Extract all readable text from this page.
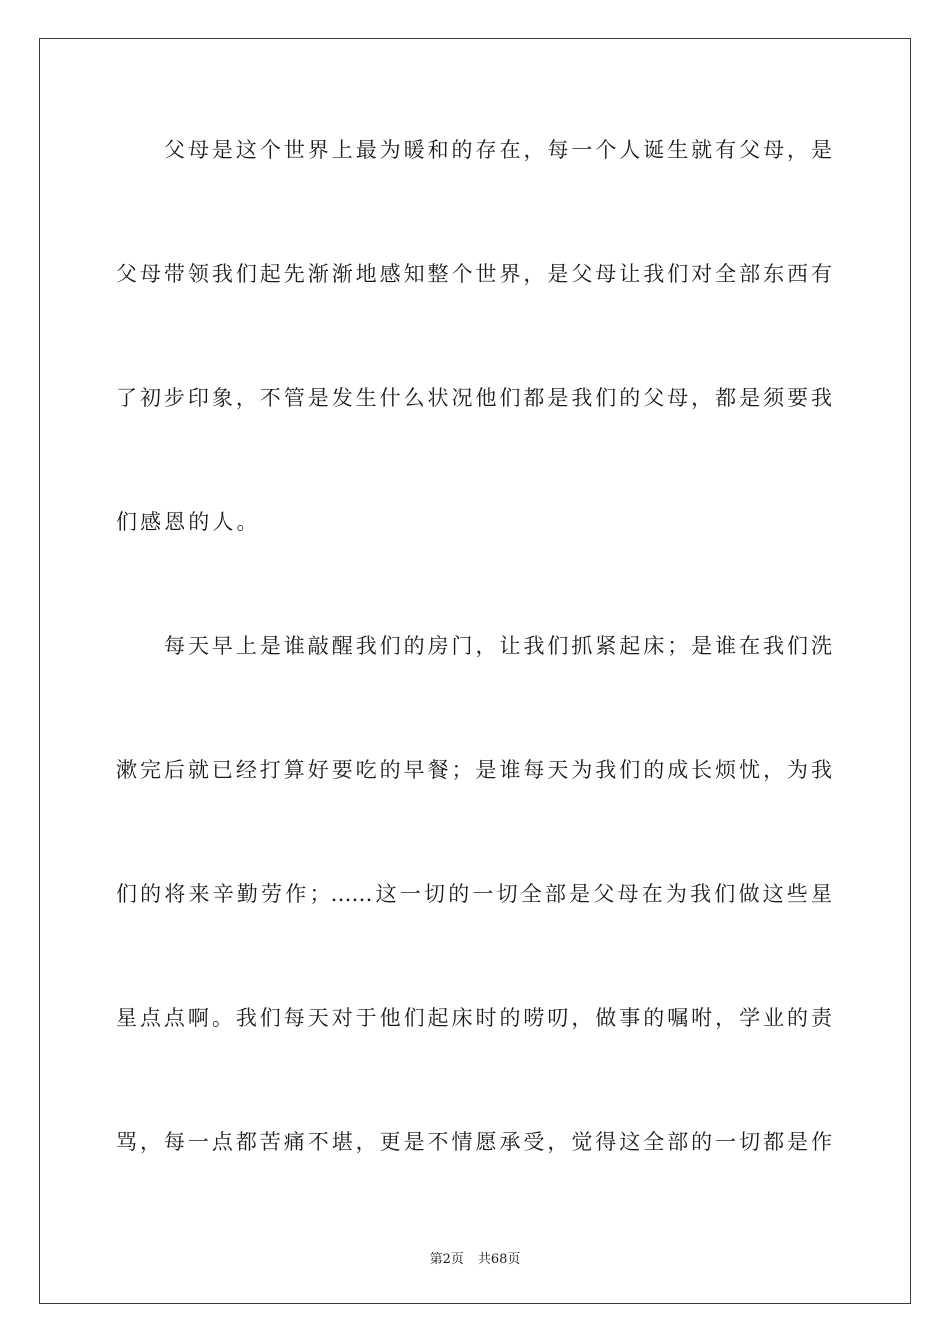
父母是这个世界上最为暖和的存在，每一个人诞生就有父母，是
父母带领我们起先渐渐地感知整个世界，是父母让我们对全部东西有
了初步印象，不管是发生什么状况他们都是我们的父母，都是须要我
们感恩的人。
每天早上是谁敲醒我们的房门，让我们抓紧起床；是谁在我们洗
漱完后就已经打算好要吃的早餐；是谁每天为我们的成长烦忧，为我
们的将来辛勤劳作；……这一切的一切全部是父母在为我们做这些星
星点点啊。我们每天对于他们起床时的唠叨，做事的嘱咐，学业的责
骂，每一点都苦痛不堪，更是不情愿承受，觉得这全部的一切都是作
第2页 共68页
